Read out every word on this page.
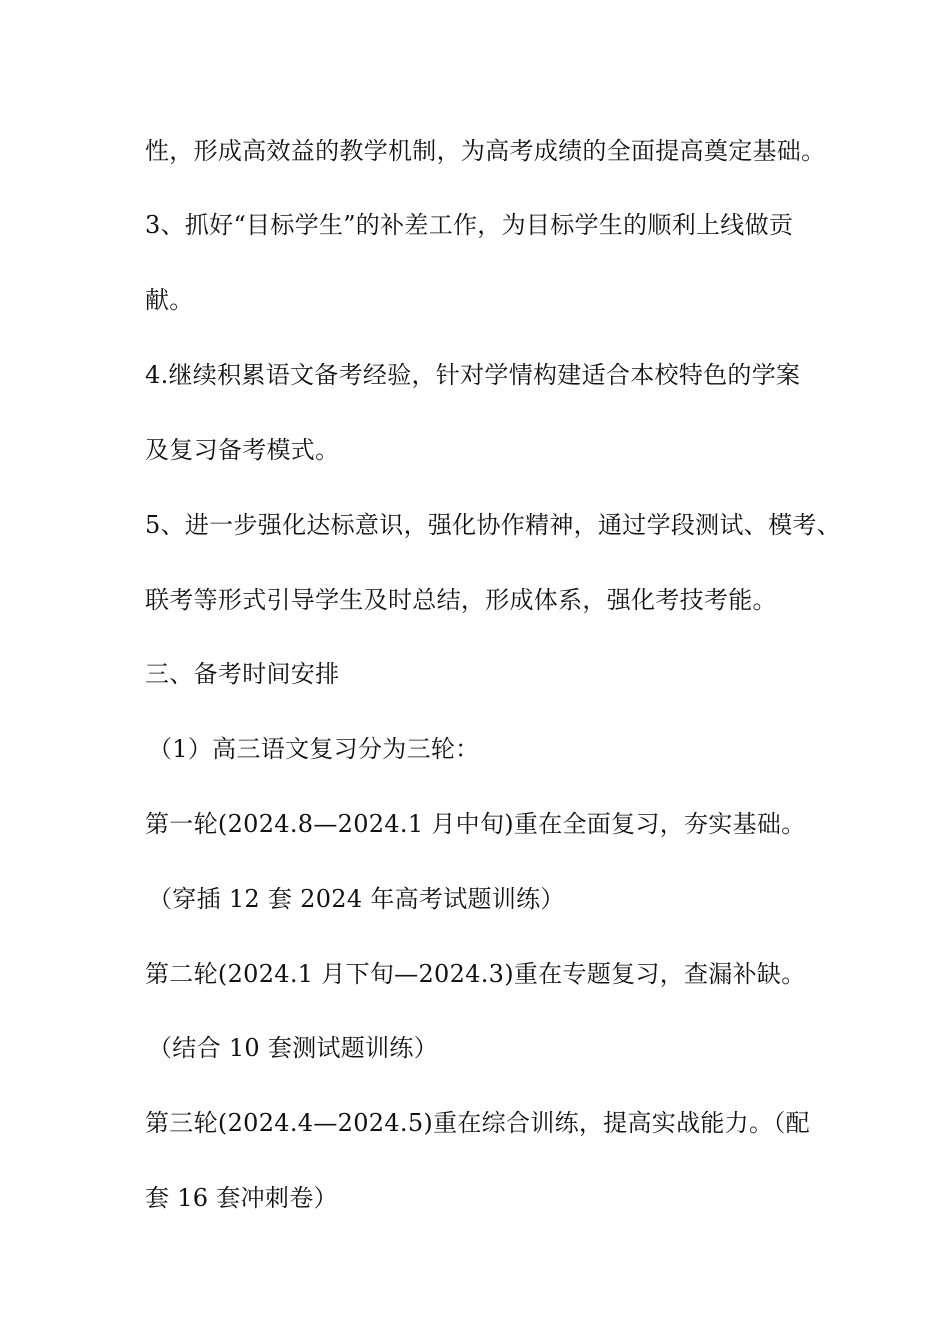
性，形成高效益的教学机制，为高考成绩的全面提高奠定基础。
3、抓好“目标学生”的补差工作，为目标学生的顺利上线做贡
献。
4.继续积累语文备考经验，针对学情构建适合本校特色的学案
及复习备考模式。
5、进一步强化达标意识，强化协作精神，通过学段测试、模考、
联考等形式引导学生及时总结，形成体系，强化考技考能。
三、备考时间安排
（1）高三语文复习分为三轮：
第一轮(2024.8—2024.1 月中旬)重在全面复习，夯实基础。
（穿插 12 套 2024 年高考试题训练）
第二轮(2024.1 月下旬—2024.3)重在专题复习，查漏补缺。
（结合 10 套测试题训练）
第三轮(2024.4—2024.5)重在综合训练，提高实战能力。（配
套 16 套冲刺卷）
